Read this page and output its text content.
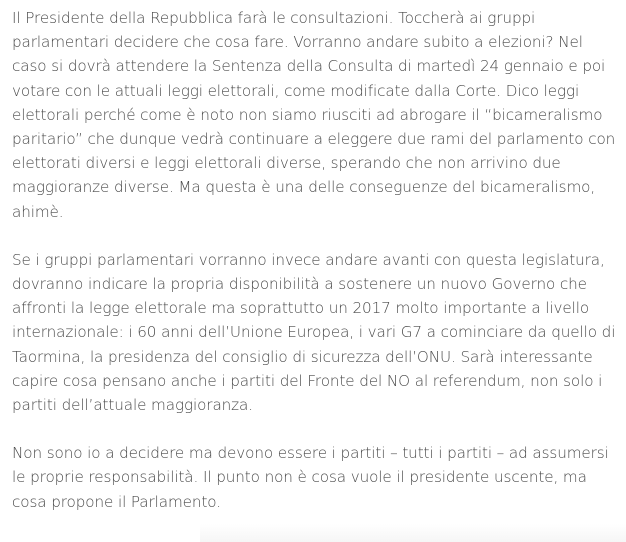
Il Presidente della Repubblica farà le consultazioni. Toccherà ai gruppi
parlamentari decidere che cosa fare. Vorranno andare subito a elezioni? Nel
caso si dovrà attendere la Sentenza della Consulta di martedì 24 gennaio e poi
votare con le attuali leggi elettorali, come modificate dalla Corte. Dico leggi
elettorali perché come è noto non siamo riusciti ad abrogare il “bicameralismo
paritario” che dunque vedrà continuare a eleggere due rami del parlamento con
elettorati diversi e leggi elettorali diverse, sperando che non arrivino due
maggioranze diverse. Ma questa è una delle conseguenze del bicameralismo,
ahimè.

Se i gruppi parlamentari vorranno invece andare avanti con questa legislatura,
dovranno indicare la propria disponibilità a sostenere un nuovo Governo che
affronti la legge elettorale ma soprattutto un 2017 molto importante a livello
internazionale: i 60 anni dell’Unione Europea, i vari G7 a cominciare da quello di
Taormina, la presidenza del consiglio di sicurezza dell’ONU. Sarà interessante
capire cosa pensano anche i partiti del Fronte del NO al referendum, non solo i
partiti dell’attuale maggioranza.

Non sono io a decidere ma devono essere i partiti – tutti i partiti – ad assumersi
le proprie responsabilità. Il punto non è cosa vuole il presidente uscente, ma
cosa propone il Parlamento.
